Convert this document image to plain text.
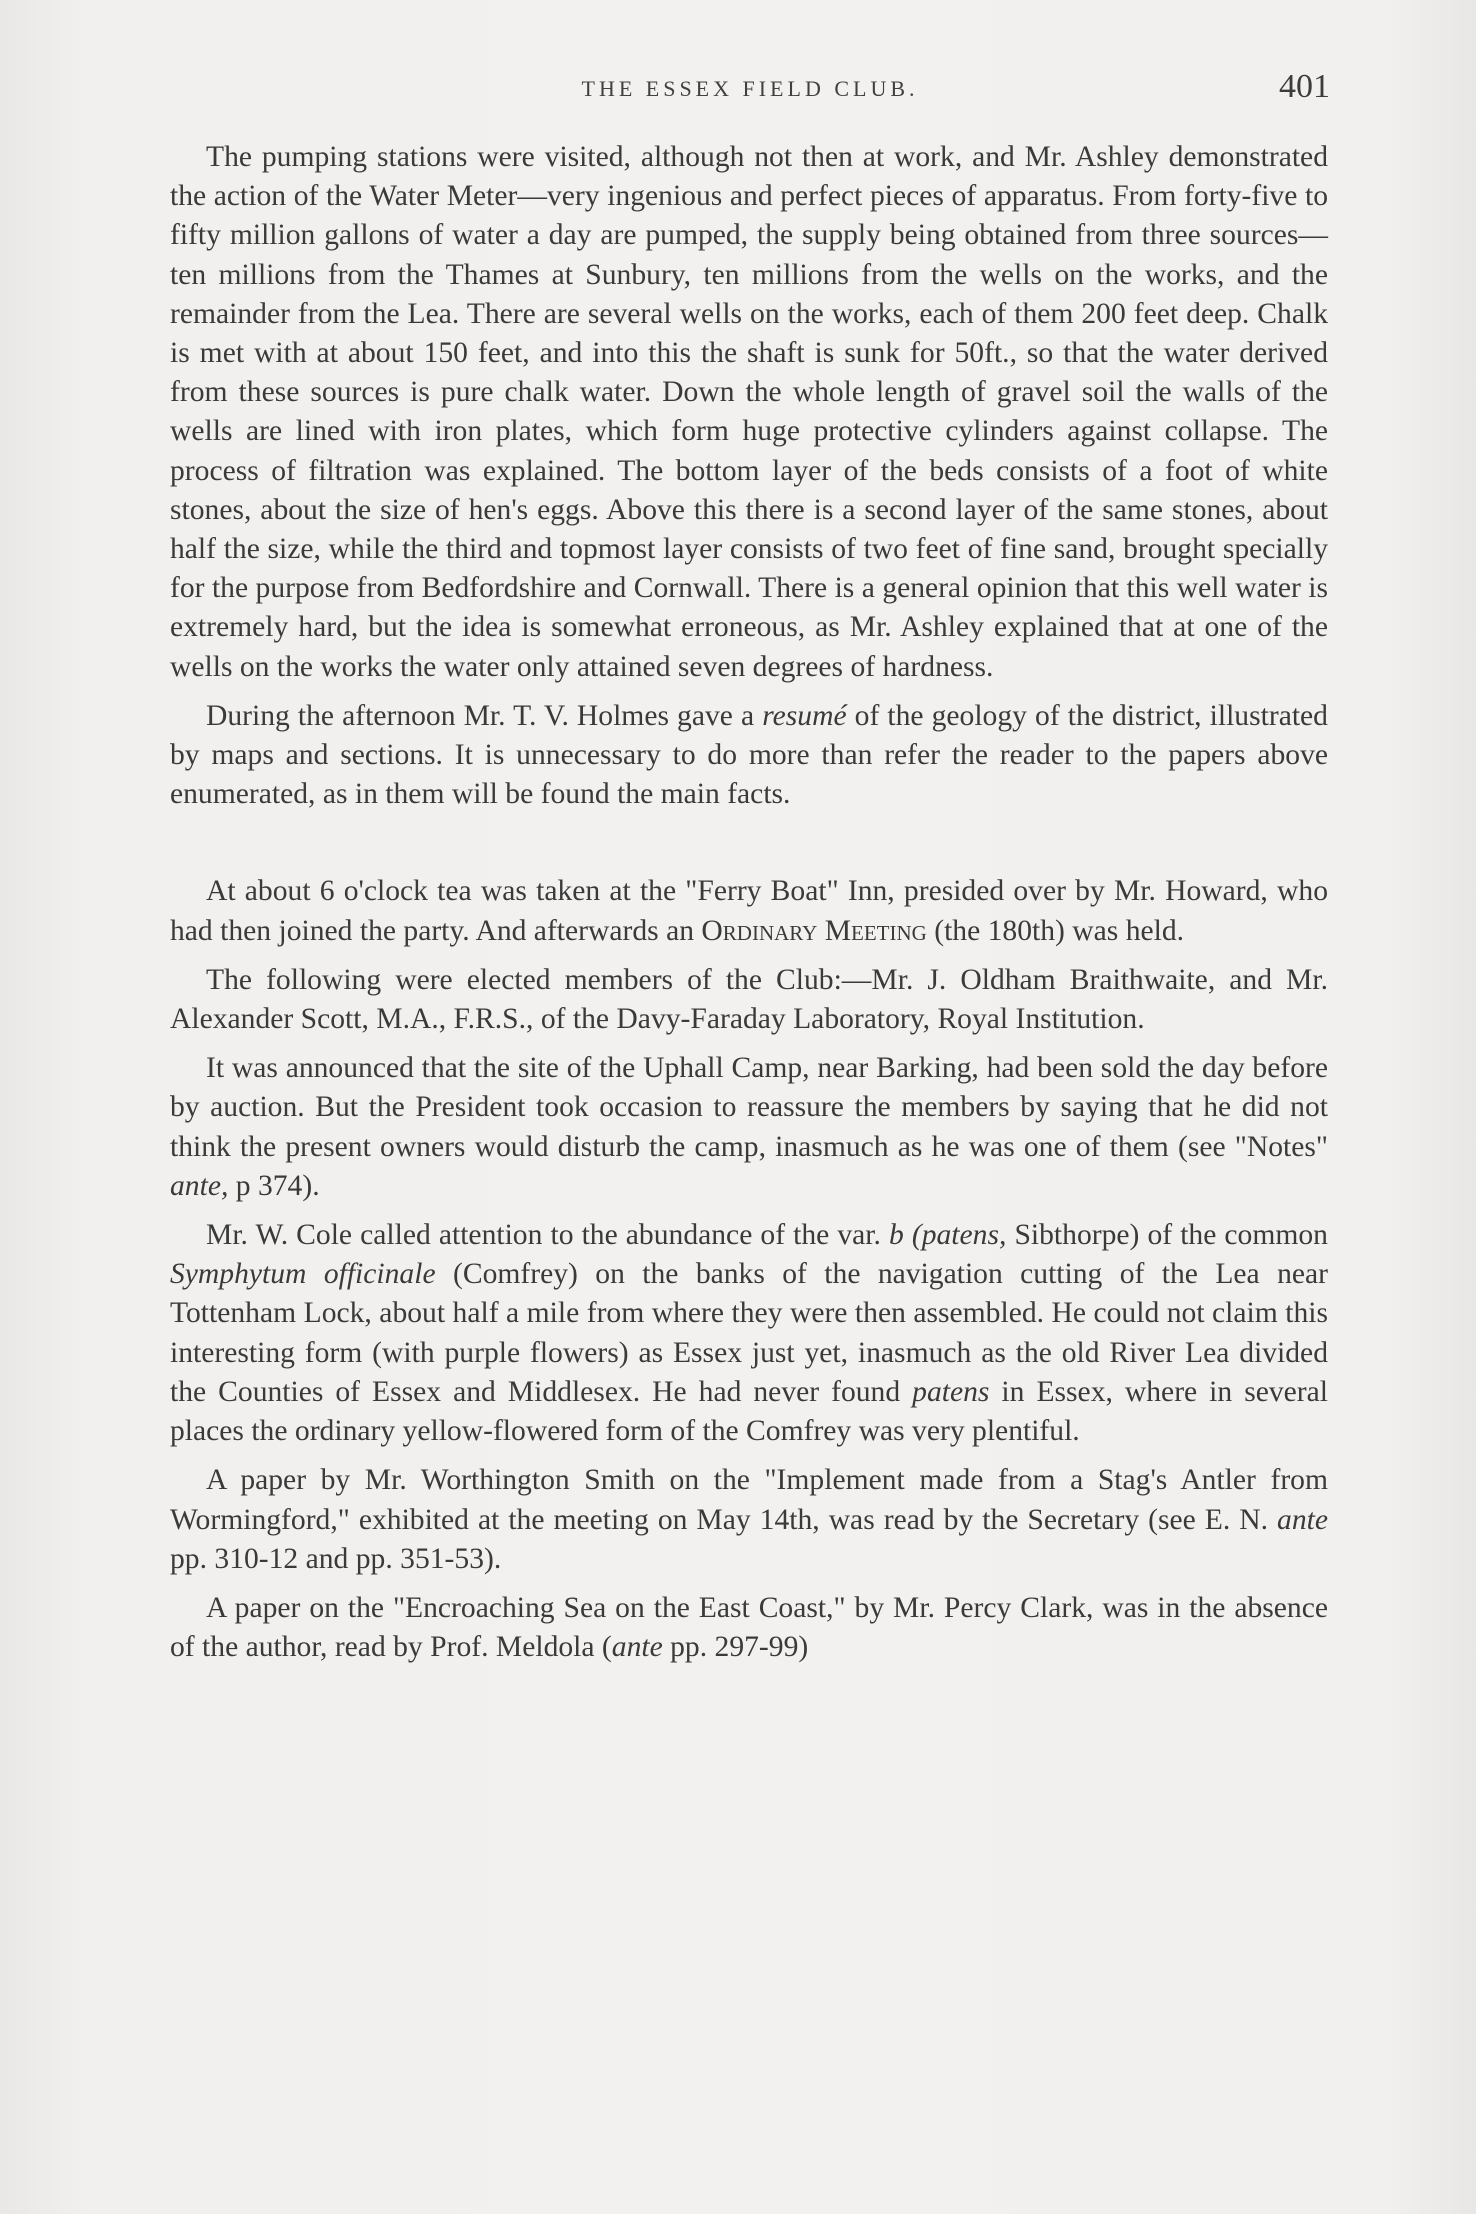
THE ESSEX FIELD CLUB.	401

The pumping stations were visited, although not then at work, and Mr. Ashley demonstrated the action of the Water Meter—very ingenious and perfect pieces of apparatus. From forty-five to fifty million gallons of water a day are pumped, the supply being obtained from three sources—ten millions from the Thames at Sunbury, ten millions from the wells on the works, and the remainder from the Lea. There are several wells on the works, each of them 200 feet deep. Chalk is met with at about 150 feet, and into this the shaft is sunk for 50ft., so that the water derived from these sources is pure chalk water. Down the whole length of gravel soil the walls of the wells are lined with iron plates, which form huge protective cylinders against collapse. The process of filtration was explained. The bottom layer of the beds consists of a foot of white stones, about the size of hen's eggs. Above this there is a second layer of the same stones, about half the size, while the third and topmost layer consists of two feet of fine sand, brought specially for the purpose from Bedfordshire and Cornwall. There is a general opinion that this well water is extremely hard, but the idea is somewhat erroneous, as Mr. Ashley explained that at one of the wells on the works the water only attained seven degrees of hardness.

During the afternoon Mr. T. V. Holmes gave a resumé of the geology of the district, illustrated by maps and sections. It is unnecessary to do more than refer the reader to the papers above enumerated, as in them will be found the main facts.

At about 6 o'clock tea was taken at the "Ferry Boat" Inn, presided over by Mr. Howard, who had then joined the party. And afterwards an Ordinary Meeting (the 180th) was held.

The following were elected members of the Club:—Mr. J. Oldham Braithwaite, and Mr. Alexander Scott, M.A., F.R.S., of the Davy-Faraday Laboratory, Royal Institution.

It was announced that the site of the Uphall Camp, near Barking, had been sold the day before by auction. But the President took occasion to reassure the members by saying that he did not think the present owners would disturb the camp, inasmuch as he was one of them (see "Notes" ante, p 374).

Mr. W. Cole called attention to the abundance of the var. b (patens, Sibthorpe) of the common Symphytum officinale (Comfrey) on the banks of the navigation cutting of the Lea near Tottenham Lock, about half a mile from where they were then assembled. He could not claim this interesting form (with purple flowers) as Essex just yet, inasmuch as the old River Lea divided the Counties of Essex and Middlesex. He had never found patens in Essex, where in several places the ordinary yellow-flowered form of the Comfrey was very plentiful.

A paper by Mr. Worthington Smith on the "Implement made from a Stag's Antler from Wormingford," exhibited at the meeting on May 14th, was read by the Secretary (see E. N. ante pp. 310-12 and pp. 351-53).

A paper on the "Encroaching Sea on the East Coast," by Mr. Percy Clark, was in the absence of the author, read by Prof. Meldola (ante pp. 297-99)
